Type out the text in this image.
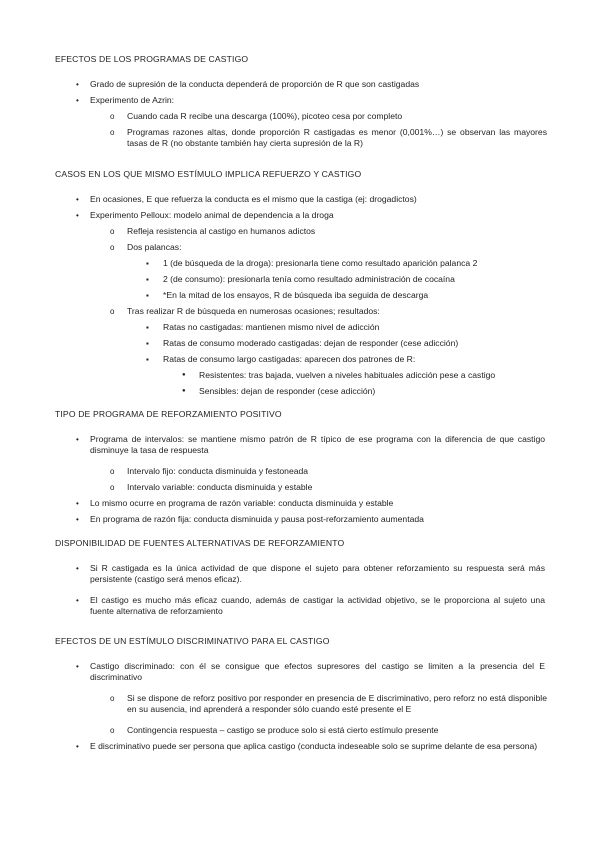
EFECTOS DE LOS PROGRAMAS DE CASTIGO
• Grado de supresión de la conducta dependerá de proporción de R que son castigadas
• Experimento de Azrin:
o Cuando cada R recibe una descarga (100%), picoteo cesa por completo
o Programas razones altas, donde proporción R castigadas es menor (0,001%…) se observan las mayores tasas de R (no obstante también hay cierta supresión de la R)
CASOS EN LOS QUE MISMO ESTÍMULO IMPLICA REFUERZO Y CASTIGO
• En ocasiones, E que refuerza la conducta es el mismo que la castiga (ej: drogadictos)
• Experimento Pelloux: modelo animal de dependencia a la droga
o Refleja resistencia al castigo en humanos adictos
o Dos palancas:
▪ 1 (de búsqueda de la droga): presionarla tiene como resultado aparición palanca 2
▪ 2 (de consumo): presionarla tenía como resultado administración de cocaína
▪ *En la mitad de los ensayos, R de búsqueda iba seguida de descarga
o Tras realizar R de búsqueda en numerosas ocasiones; resultados:
▪ Ratas no castigadas: mantienen mismo nivel de adicción
▪ Ratas de consumo moderado castigadas: dejan de responder (cese adicción)
▪ Ratas de consumo largo castigadas: aparecen dos patrones de R:
● Resistentes: tras bajada, vuelven a niveles habituales adicción pese a castigo
● Sensibles: dejan de responder (cese adicción)
TIPO DE PROGRAMA DE REFORZAMIENTO POSITIVO
• Programa de intervalos: se mantiene mismo patrón de R típico de ese programa con la diferencia de que castigo disminuye la tasa de respuesta
o Intervalo fijo: conducta disminuida y festoneada
o Intervalo variable: conducta disminuida y estable
• Lo mismo ocurre en programa de razón variable: conducta disminuida y estable
• En programa de razón fija: conducta disminuida y pausa post-reforzamiento aumentada
DISPONIBILIDAD DE FUENTES ALTERNATIVAS DE REFORZAMIENTO
• Si R castigada es la única actividad de que dispone el sujeto para obtener reforzamiento su respuesta será más persistente (castigo será menos eficaz).
• El castigo es mucho más eficaz cuando, además de castigar la actividad objetivo, se le proporciona al sujeto una fuente alternativa de reforzamiento
EFECTOS DE UN ESTÍMULO DISCRIMINATIVO PARA EL CASTIGO
• Castigo discriminado: con él se consigue que efectos supresores del castigo se limiten a la presencia del E discriminativo
o Si se dispone de reforz positivo por responder en presencia de E discriminativo, pero reforz no está disponible en su ausencia, ind aprenderá a responder sólo cuando esté presente el E
o Contingencia respuesta – castigo se produce solo si está cierto estímulo presente
• E discriminativo puede ser persona que aplica castigo (conducta indeseable solo se suprime delante de esa persona)
